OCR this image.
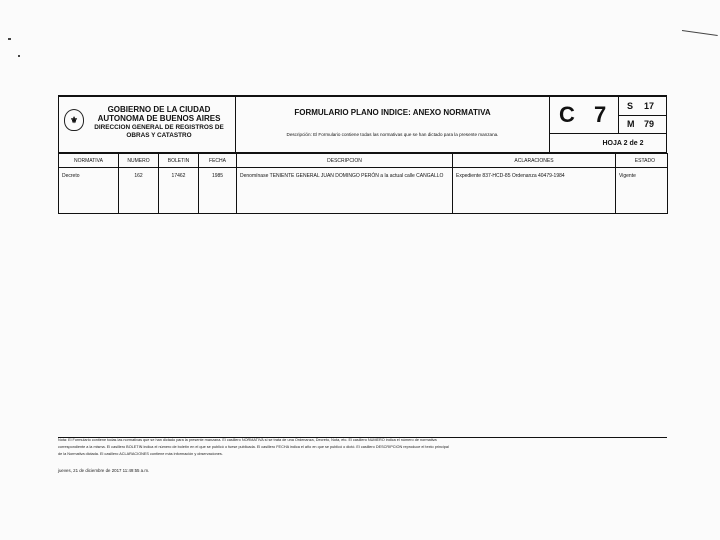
⚜
GOBIERNO DE LA CIUDAD
AUTONOMA DE BUENOS AIRES
DIRECCION GENERAL DE REGISTROS DE
OBRAS Y CATASTRO
FORMULARIO PLANO INDICE: ANEXO NORMATIVA
Descripción: El Formulario contiene todas las normativas que se han dictado para la presente manzana.
C 7 S 17
M 79
HOJA 2 de 2
NORMATIVA	NUMERO	BOLETIN	FECHA	DESCRIPCION	ACLARACIONES	ESTADO
Decreto	162	17462	1985	Denomínase TENIENTE GENERAL JUAN DOMINGO PERÓN a la actual calle CANGALLO	Expediente 837-HCD-85 Ordenanza 40479-1984	Vigente
Nota: El Formulario contiene todas las normativas que se han dictado para la presente manzana. El casillero NORMATIVA si se trata de una Ordenanza, Decreto, Nota, etc. El casillero NUMERO indica el número de normativa
correspondiente a la misma. El casillero BOLETIN indica el número de boletín en el que se publicó o fuese publicada. El casillero FECHA indica el año en que se publicó o dictó. El casillero DESCRIPCION reproduce el texto principal
de la Normativa dictada. El casillero ACLARACIONES contiene más información y observaciones.
jueves, 21 de diciembre de 2017 11:49:55 a.m.
